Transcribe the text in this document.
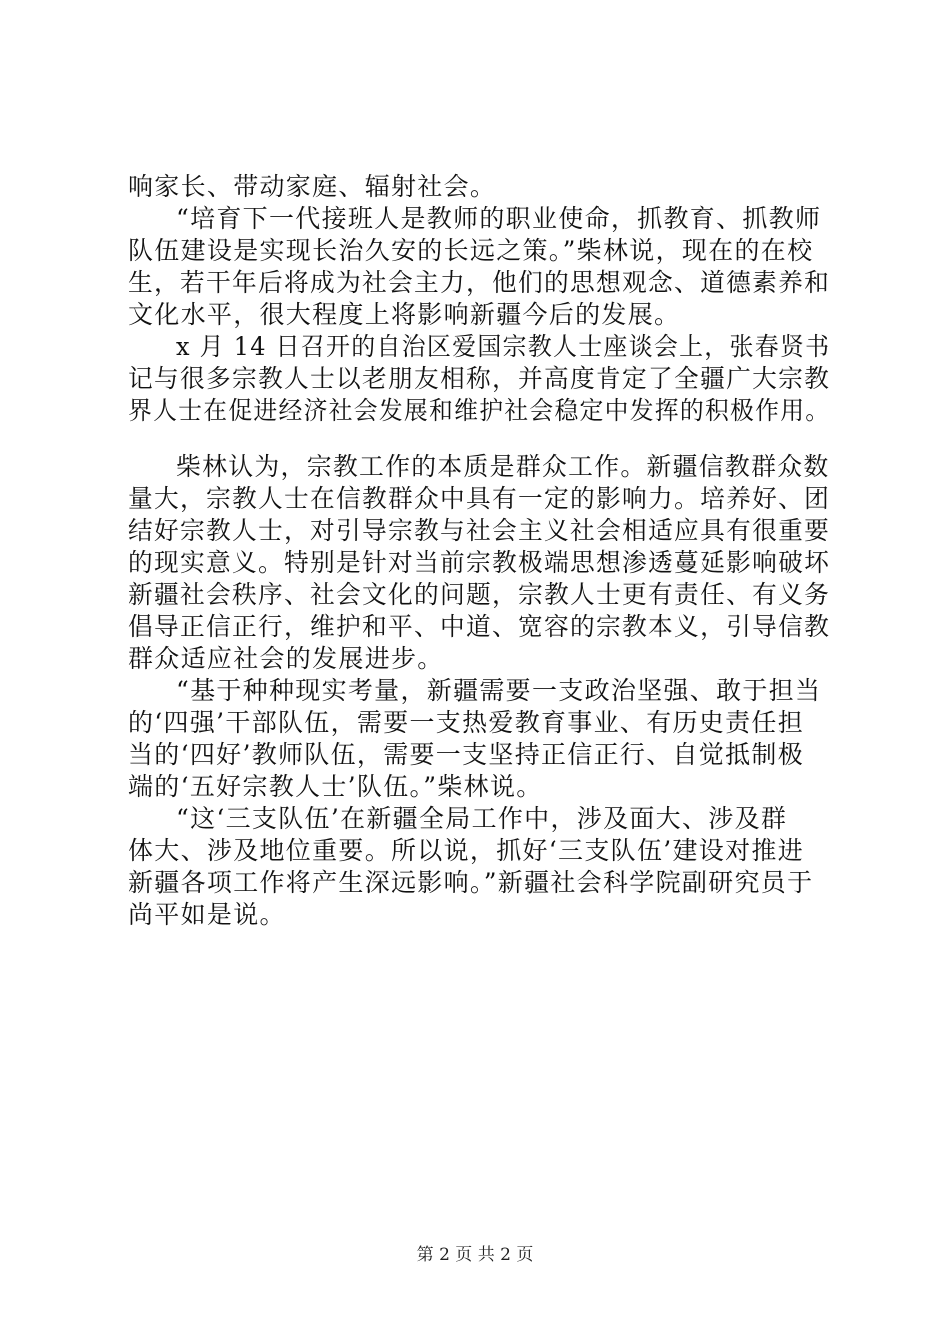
响家长、带动家庭、辐射社会。
“培育下一代接班人是教师的职业使命，抓教育、抓教师
队伍建设是实现长治久安的长远之策。”柴林说，现在的在校
生，若干年后将成为社会主力，他们的思想观念、道德素养和
文化水平，很大程度上将影响新疆今后的发展。
x 月 14 日召开的自治区爱国宗教人士座谈会上，张春贤书
记与很多宗教人士以老朋友相称，并高度肯定了全疆广大宗教
界人士在促进经济社会发展和维护社会稳定中发挥的积极作用。
柴林认为，宗教工作的本质是群众工作。新疆信教群众数
量大，宗教人士在信教群众中具有一定的影响力。培养好、团
结好宗教人士，对引导宗教与社会主义社会相适应具有很重要
的现实意义。特别是针对当前宗教极端思想渗透蔓延影响破坏
新疆社会秩序、社会文化的问题，宗教人士更有责任、有义务
倡导正信正行，维护和平、中道、宽容的宗教本义，引导信教
群众适应社会的发展进步。
“基于种种现实考量，新疆需要一支政治坚强、敢于担当
的‘四强’干部队伍，需要一支热爱教育事业、有历史责任担
当的‘四好’教师队伍，需要一支坚持正信正行、自觉抵制极
端的‘五好宗教人士’队伍。”柴林说。
“这‘三支队伍’在新疆全局工作中，涉及面大、涉及群
体大、涉及地位重要。所以说，抓好‘三支队伍’建设对推进
新疆各项工作将产生深远影响。”新疆社会科学院副研究员于
尚平如是说。
第 2 页 共 2 页
